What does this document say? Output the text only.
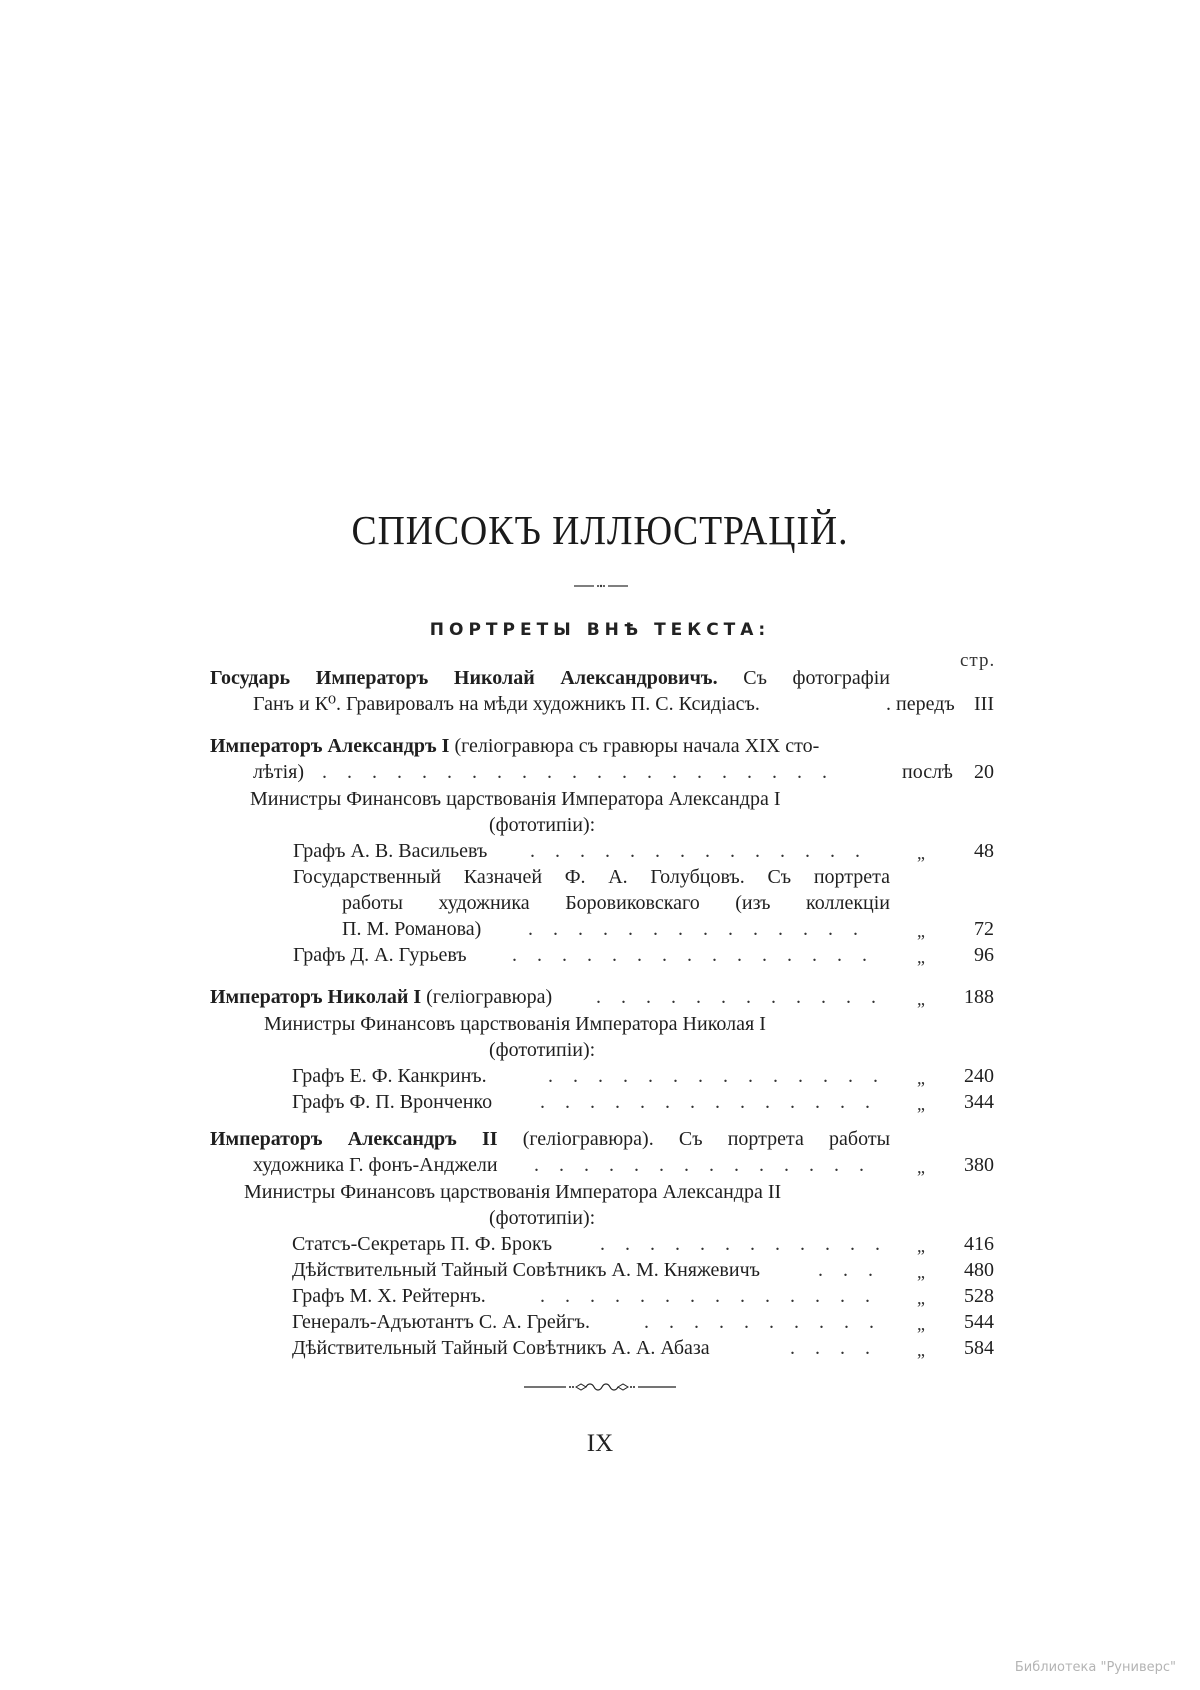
СПИСОКЪ ИЛЛЮСТРАЦІЙ.
ПОРТРЕТЫ ВНѢ ТЕКСТА:
стр.
Государь Императоръ Николай Александровичъ. Съ фотографіи
Ганъ и К⁰. Гравировалъ на мѣди художникъ П. С. Ксидіасъ.	. передъ III
Императоръ Александръ I (геліогравюра съ гравюры начала XIX сто-
лѣтія) .    .    .    .    .    .    .    .    .    .    .    .    .    .    .    .    .    .    .    .    .	послѣ	20
Министры Финансовъ царствованія Императора Александра I
(фототипіи):
Графъ А. В. Васильевъ .    .    .    .    .    .    .    .    .    .    .    .    .    .	„	48
Государственный Казначей Ф. А. Голубцовъ. Съ портрета
работы художника Боровиковскаго (изъ коллекціи
П. М. Романова) .    .    .    .    .    .    .    .    .    .    .    .    .    .	„	72
Графъ Д. А. Гурьевъ .    .    .    .    .    .    .    .    .    .    .    .    .    .    .	„	96
Императоръ Николай I (геліогравюра) .    .    .    .    .    .    .    .    .    .    .    . „	188
Министры Финансовъ царствованія Императора Николая I
(фототипіи):
Графъ Е. Ф. Канкринъ.	.    .    .    .    .    .    .    .    .    .    .    .    .    . „	240
Графъ Ф. П. Вронченко .    .    .    .    .    .    .    .    .    .    .    .    .    .	„	344
Императоръ Александръ II (геліогравюра). Съ портрета работы
художника Г. фонъ-Анджели .    .    .    .    .    .    .    .    .    .    .    .    .    .	„	380
Министры Финансовъ царствованія Императора Александра II
(фототипіи):
Статсъ-Секретарь П. Ф. Брокъ .    .    .    .    .    .    .    .    .    .    .    . „	416
Дѣйствительный Тайный Совѣтникъ А. М. Княжевичъ	.    .    .	„	480
Графъ М. Х. Рейтернъ.	.    .    .    .    .    .    .    .    .    .    .    .    .    .	„	528
Генералъ-Адъютантъ С. А. Грейгъ.	.    .    .    .    .    .    .    .    .    .	„	544
Дѣйствительный Тайный Совѣтникъ А. А. Абаза	.    .    .    .	„	584
IX
Библиотека "Руниверс"
